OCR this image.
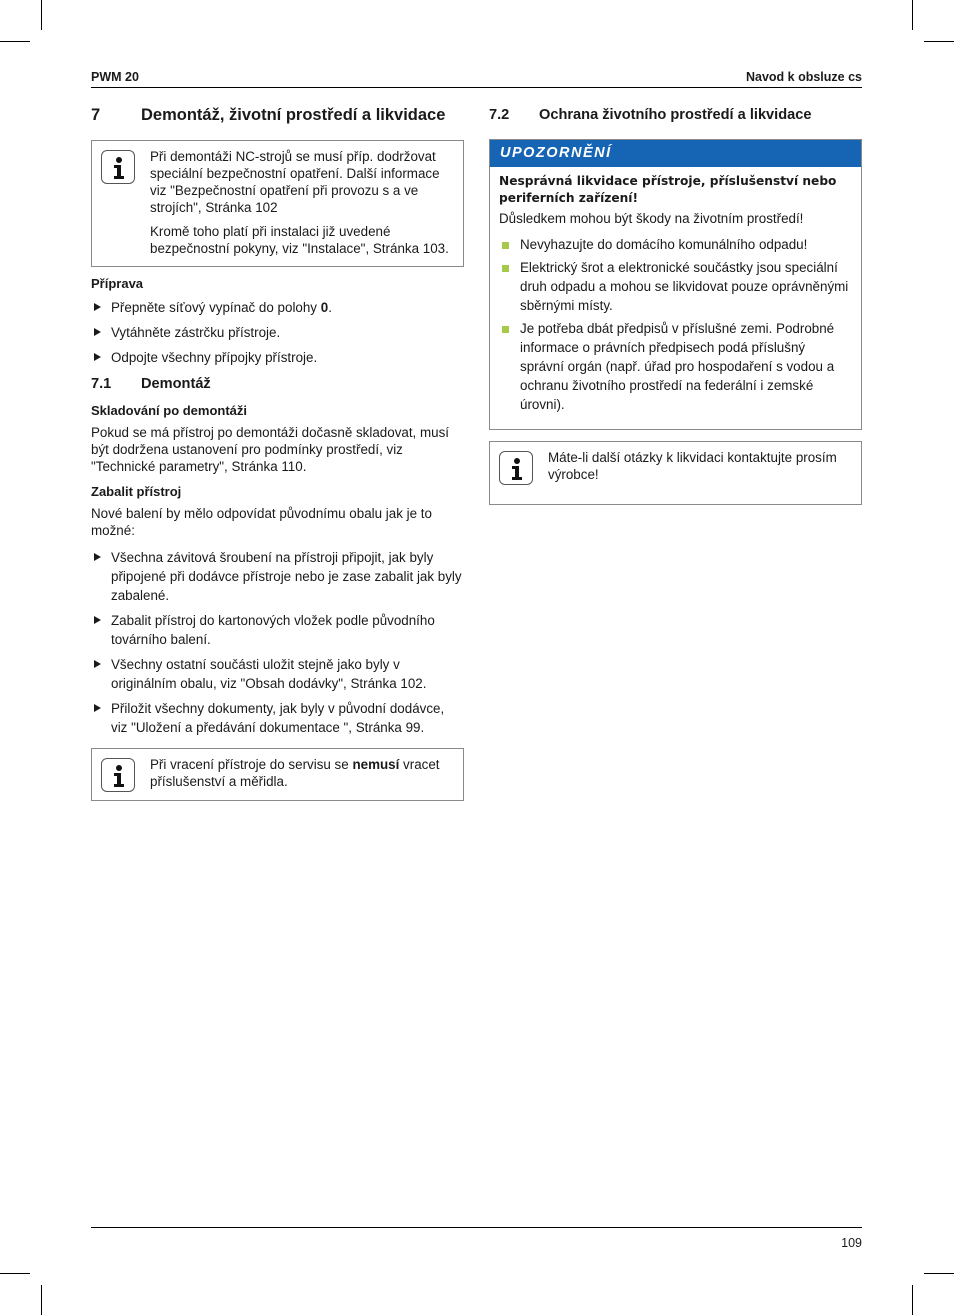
PWM 20	Navod k obsluze cs
7	Demontáž, životní prostředí a likvidace

Při demontáži NC-strojů se musí příp. dodržovat speciální bezpečnostní opatření. Další informace viz "Bezpečnostní opatření při provozu s a ve strojích", Stránka 102

Kromě toho platí při instalaci již uvedené bezpečnostní pokyny, viz "Instalace", Stránka 103.

Příprava
Přepněte síťový vypínač do polohy 0.
Vytáhněte zástrčku přístroje.
Odpojte všechny přípojky přístroje.
7.1	Demontáž
Skladování po demontáži

Pokud se má přístroj po demontáži dočasně skladovat, musí být dodržena ustanovení pro podmínky prostředí, viz "Technické parametry", Stránka 110.

Zabalit přístroj

Nové balení by mělo odpovídat původnímu obalu jak je to možné:

Všechna závitová šroubení na přístroji připojit, jak byly připojené při dodávce přístroje nebo je zase zabalit jak byly zabalené.
Zabalit přístroj do kartonových vložek podle původního továrního balení.
Všechny ostatní součásti uložit stejně jako byly v originálním obalu, viz "Obsah dodávky", Stránka 102.
Přiložit všechny dokumenty, jak byly v původní dodávce, viz "Uložení a předávání dokumentace ", Stránka 99.

Při vracení přístroje do servisu se nemusí vracet příslušenství a měřidla.

7.2	Ochrana životního prostředí a likvidace
UPOZORNĚNÍ
Nesprávná likvidace přístroje, příslušenství nebo periferních zařízení!

Důsledkem mohou být škody na životním prostředí!

Nevyhazujte do domácího komunálního odpadu!
Elektrický šrot a elektronické součástky jsou speciální druh odpadu a mohou se likvidovat pouze oprávněnými sběrnými místy.
Je potřeba dbát předpisů v příslušné zemi. Podrobné informace o právních předpisech podá příslušný správní orgán (např. úřad pro hospodaření s vodou a ochranu životního prostředí na federální i zemské úrovni).

Máte-li další otázky k likvidaci kontaktujte prosím výrobce!

109
